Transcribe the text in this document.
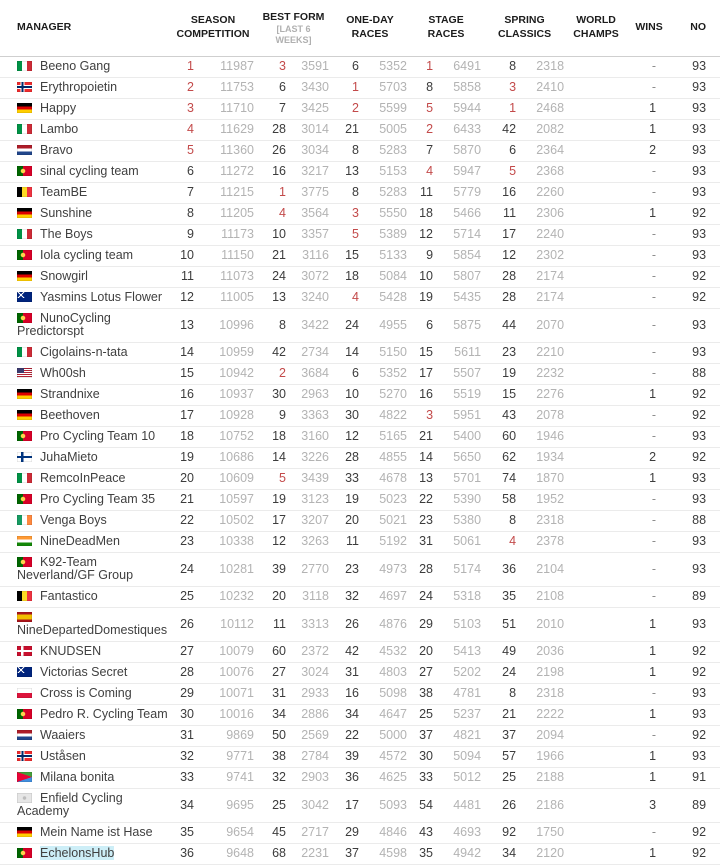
MANAGER	SEASON COMPETITION		BEST FORM
[LAST 6 WEEKS]		ONE-DAY RACES		STAGE RACES		SPRING CLASSICS		WORLD CHAMPS	WINS	NO
Beeno Gang	1	11987	3	3591	6	5352	1	6491	8	2318		-	93
Erythropoietin	2	11753	6	3430	1	5703	8	5858	3	2410		-	93
Happy	3	11710	7	3425	2	5599	5	5944	1	2468		1	93
Lambo	4	11629	28	3014	21	5005	2	6433	42	2082		1	93
Bravo	5	11360	26	3034	8	5283	7	5870	6	2364		2	93
sinal cycling team	6	11272	16	3217	13	5153	4	5947	5	2368		-	93
TeamBE	7	11215	1	3775	8	5283	11	5779	16	2260		-	93
Sunshine	8	11205	4	3564	3	5550	18	5466	11	2306		1	92
The Boys	9	11173	10	3357	5	5389	12	5714	17	2240		-	93
Iola cycling team	10	11150	21	3116	15	5133	9	5854	12	2302		-	93
Snowgirl	11	11073	24	3072	18	5084	10	5807	28	2174		-	92
Yasmins Lotus Flower	12	11005	13	3240	4	5428	19	5435	28	2174		-	92
NunoCycling Predictorspt	13	10996	8	3422	24	4955	6	5875	44	2070		-	93
Cigolains-n-tata	14	10959	42	2734	14	5150	15	5611	23	2210		-	93
Wh00sh	15	10942	2	3684	6	5352	17	5507	19	2232		-	88
Strandnixe	16	10937	30	2963	10	5270	16	5519	15	2276		1	92
Beethoven	17	10928	9	3363	30	4822	3	5951	43	2078		-	92
Pro Cycling Team 10	18	10752	18	3160	12	5165	21	5400	60	1946		-	93
JuhaMieto	19	10686	14	3226	28	4855	14	5650	62	1934		2	92
RemcoInPeace	20	10609	5	3439	33	4678	13	5701	74	1870		1	93
Pro Cycling Team 35	21	10597	19	3123	19	5023	22	5390	58	1952		-	93
Venga Boys	22	10502	17	3207	20	5021	23	5380	8	2318		-	88
NineDeadMen	23	10338	12	3263	11	5192	31	5061	4	2378		-	93
K92-Team Neverland/GF Group	24	10281	39	2770	23	4973	28	5174	36	2104		-	93
Fantastico	25	10232	20	3118	32	4697	24	5318	35	2108		-	89
NineDepartedDomestiques	26	10112	11	3313	26	4876	29	5103	51	2010		1	93
KNUDSEN	27	10079	60	2372	42	4532	20	5413	49	2036		1	92
Victorias Secret	28	10076	27	3024	31	4803	27	5202	24	2198		1	92
Cross is Coming	29	10071	31	2933	16	5098	38	4781	8	2318		-	93
Pedro R. Cycling Team	30	10016	34	2886	34	4647	25	5237	21	2222		1	93
Waaiers	31	9869	50	2569	22	5000	37	4821	37	2094		-	92
Uståsen	32	9771	38	2784	39	4572	30	5094	57	1966		1	93
Milana bonita	33	9741	32	2903	36	4625	33	5012	25	2188		1	91
Enfield Cycling Academy	34	9695	25	3042	17	5093	54	4481	26	2186		3	89
Mein Name ist Hase	35	9654	45	2717	29	4846	43	4693	92	1750		-	92
EchelonsHub	36	9648	68	2231	37	4598	35	4942	34	2120		1	92
